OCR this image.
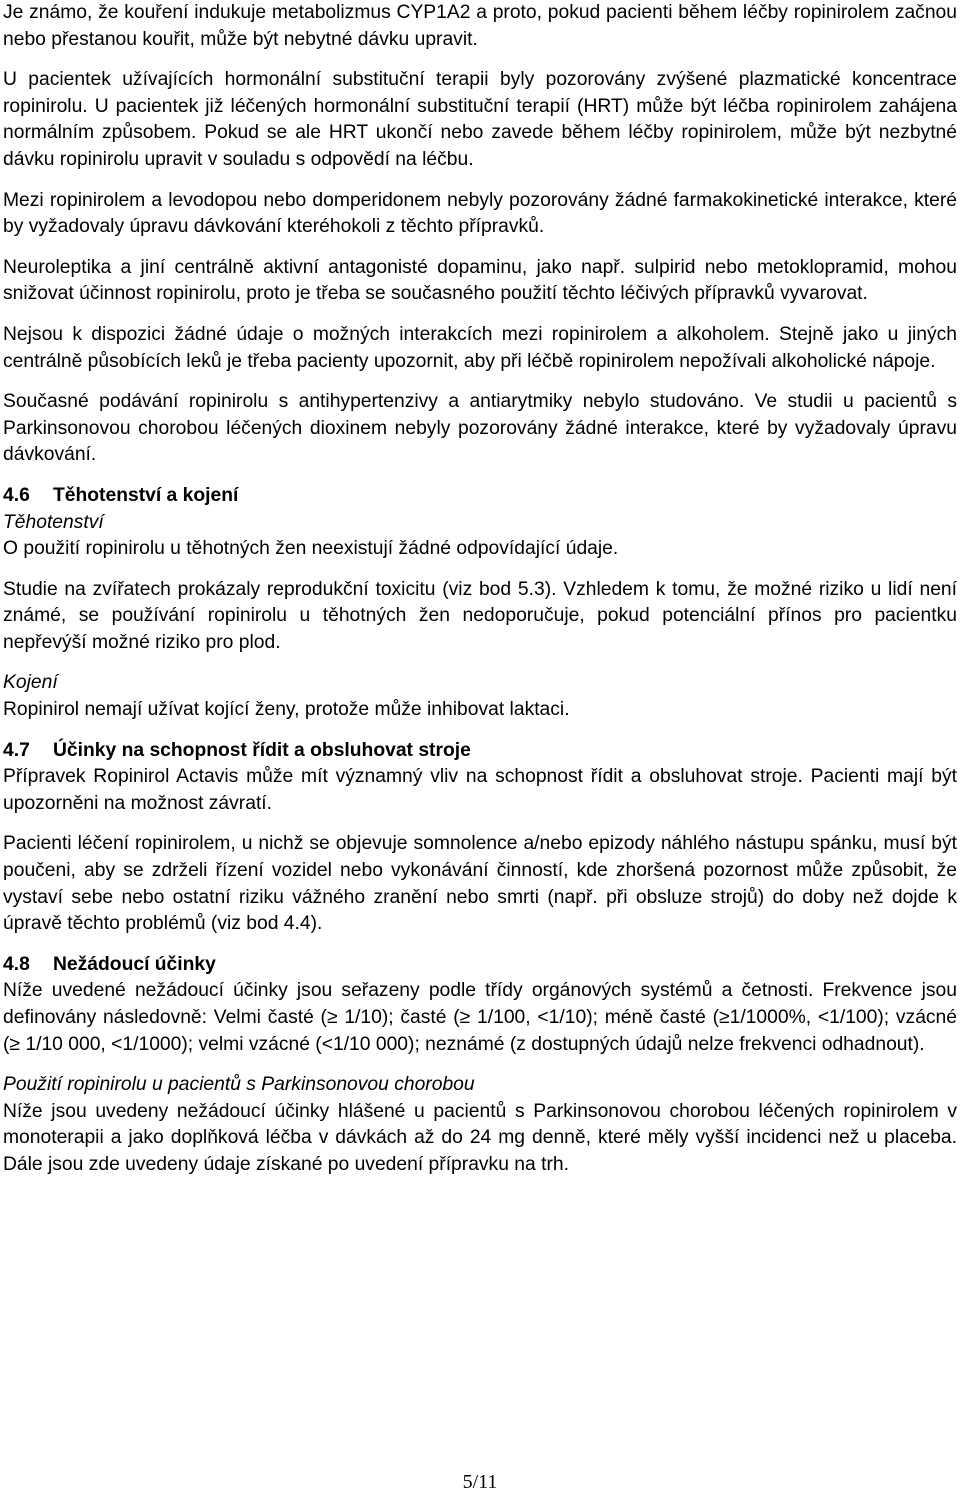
Je známo, že kouření indukuje metabolizmus CYP1A2 a proto, pokud pacienti během léčby ropinirolem začnou nebo přestanou kouřit, může být nebytné dávku upravit.

U pacientek užívajících hormonální substituční terapii byly pozorovány zvýšené plazmatické koncentrace ropinirolu. U pacientek již léčených hormonální substituční terapií (HRT) může být léčba ropinirolem zahájena normálním způsobem. Pokud se ale HRT ukončí nebo zavede během léčby ropinirolem, může být nezbytné dávku ropinirolu upravit v souladu s odpovědí na léčbu.

Mezi ropinirolem a levodopou nebo domperidonem nebyly pozorovány žádné farmakokinetické interakce, které by vyžadovaly úpravu dávkování kteréhokoli z těchto přípravků.

Neuroleptika a jiní centrálně aktivní antagonisté dopaminu, jako např. sulpirid nebo metoklopramid, mohou snižovat účinnost ropinirolu, proto je třeba se současného použití těchto léčivých přípravků vyvarovat.

Nejsou k dispozici žádné údaje o možných interakcích mezi ropinirolem a alkoholem. Stejně jako u jiných centrálně působících leků je třeba pacienty upozornit, aby při léčbě ropinirolem nepožívali alkoholické nápoje.

Současné podávání ropinirolu s antihypertenzivy a antiarytmiky nebylo studováno. Ve studii u pacientů s Parkinsonovou chorobou léčených dioxinem nebyly pozorovány žádné interakce, které by vyžadovaly úpravu dávkování.

4.6 Těhotenství a kojení

Těhotenství

O použití ropinirolu u těhotných žen neexistují žádné odpovídající údaje.

Studie na zvířatech prokázaly reprodukční toxicitu (viz bod 5.3). Vzhledem k tomu, že možné riziko u lidí není známé, se používání ropinirolu u těhotných žen nedoporučuje, pokud potenciální přínos pro pacientku nepřevýší možné riziko pro plod.

Kojení

Ropinirol nemají užívat kojící ženy, protože může inhibovat laktaci.

4.7 Účinky na schopnost řídit a obsluhovat stroje

Přípravek Ropinirol Actavis může mít významný vliv na schopnost řídit a obsluhovat stroje. Pacienti mají být upozorněni na možnost závratí.

Pacienti léčení ropinirolem, u nichž se objevuje somnolence a/nebo epizody náhlého nástupu spánku, musí být poučeni, aby se zdrželi řízení vozidel nebo vykonávání činností, kde zhoršená pozornost může způsobit, že vystaví sebe nebo ostatní riziku vážného zranění nebo smrti (např. při obsluze strojů) do doby než dojde k úpravě těchto problémů (viz bod 4.4).

4.8 Nežádoucí účinky

Níže uvedené nežádoucí účinky jsou seřazeny podle třídy orgánových systémů a četnosti. Frekvence jsou definovány následovně: Velmi časté (≥ 1/10); časté (≥ 1/100, <1/10); méně časté (≥1/1000%, <1/100); vzácné (≥ 1/10 000, <1/1000); velmi vzácné (<1/10 000); neznámé (z dostupných údajů nelze frekvenci odhadnout).

Použití ropinirolu u pacientů s Parkinsonovou chorobou

Níže jsou uvedeny nežádoucí účinky hlášené u pacientů s Parkinsonovou chorobou léčených ropinirolem v monoterapii a jako doplňková léčba v dávkách až do 24 mg denně, které měly vyšší incidenci než u placeba. Dále jsou zde uvedeny údaje získané po uvedení přípravku na trh.

5/11
